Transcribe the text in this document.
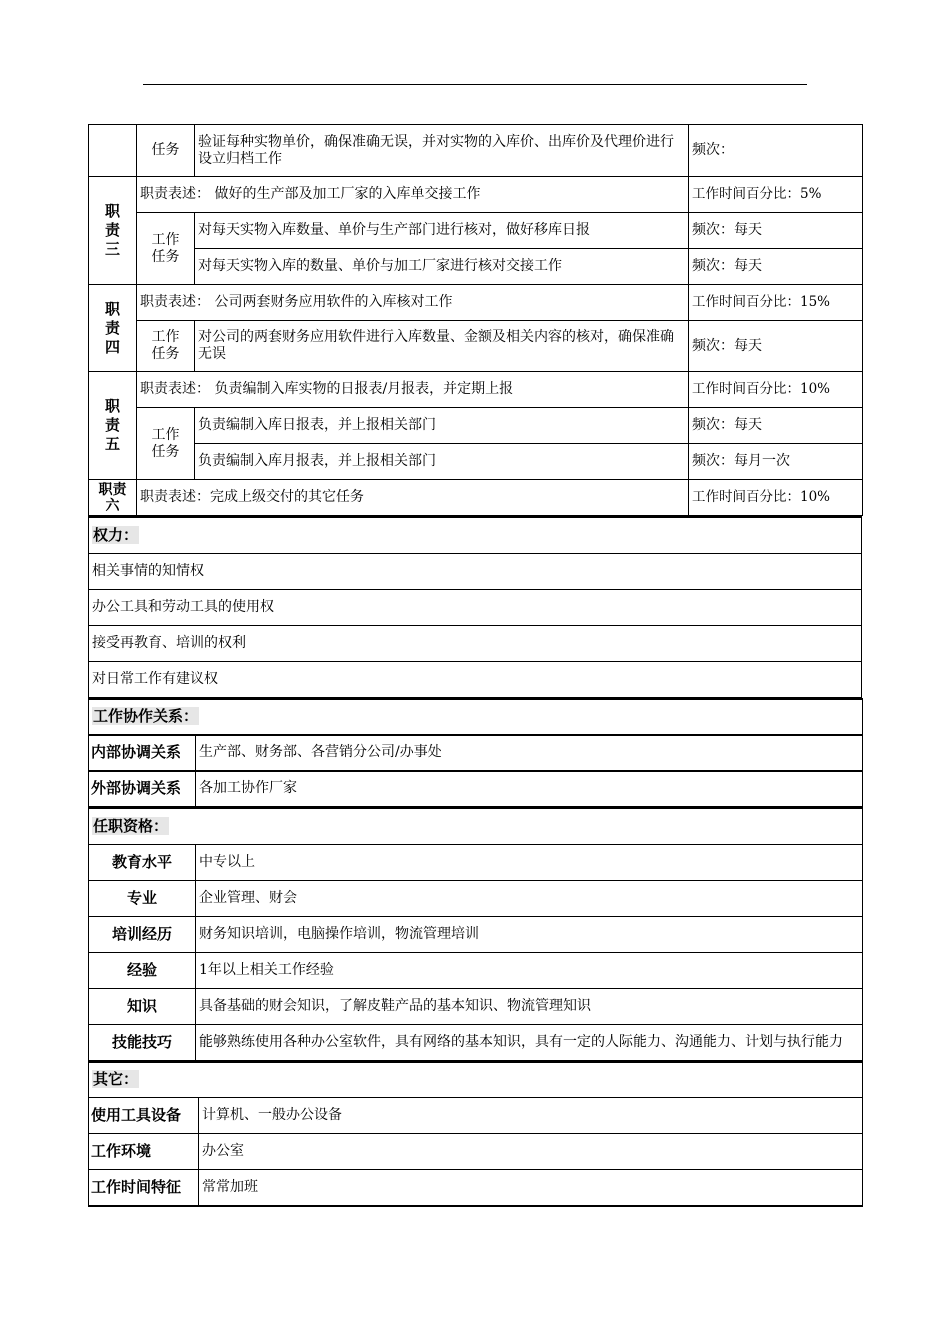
	任务	验证每种实物单价，确保准确无误，并对实物的入库价、出库价及代理价进行设立归档工作	频次：

职责三	职责表述： 做好的生产部及加工厂家的入库单交接工作		工作时间百分比：5%

	工作任务	对每天实物入库数量、单价与生产部门进行核对，做好移库日报	频次：每天
		对每天实物入库的数量、单价与加工厂家进行核对交接工作	频次：每天

职责四	职责表述： 公司两套财务应用软件的入库核对工作		工作时间百分比：15%

	工作任务	对公司的两套财务应用软件进行入库数量、金额及相关内容的核对，确保准确无误	频次：每天

职责五	职责表述： 负责编制入库实物的日报表/月报表，并定期上报		工作时间百分比：10%

	工作任务	负责编制入库日报表，并上报相关部门	频次：每天
		负责编制入库月报表，并上报相关部门	频次：每月一次

职责六	职责表述：完成上级交付的其它任务		工作时间百分比：10%
权力：
相关事情的知情权
办公工具和劳动工具的使用权
接受再教育、培训的权利
对日常工作有建议权
工作协作关系：	
内部协调关系	生产部、财务部、各营销分公司/办事处
外部协调关系	各加工协作厂家
任职资格：	
教育水平	中专以上
专业	企业管理、财会
培训经历	财务知识培训，电脑操作培训，物流管理培训
经验	1年以上相关工作经验
知识	具备基础的财会知识，了解皮鞋产品的基本知识、物流管理知识
技能技巧	能够熟练使用各种办公室软件，具有网络的基本知识，具有一定的人际能力、沟通能力、计划与执行能力
其它：	
使用工具设备	计算机、一般办公设备
工作环境	办公室
工作时间特征	常常加班
